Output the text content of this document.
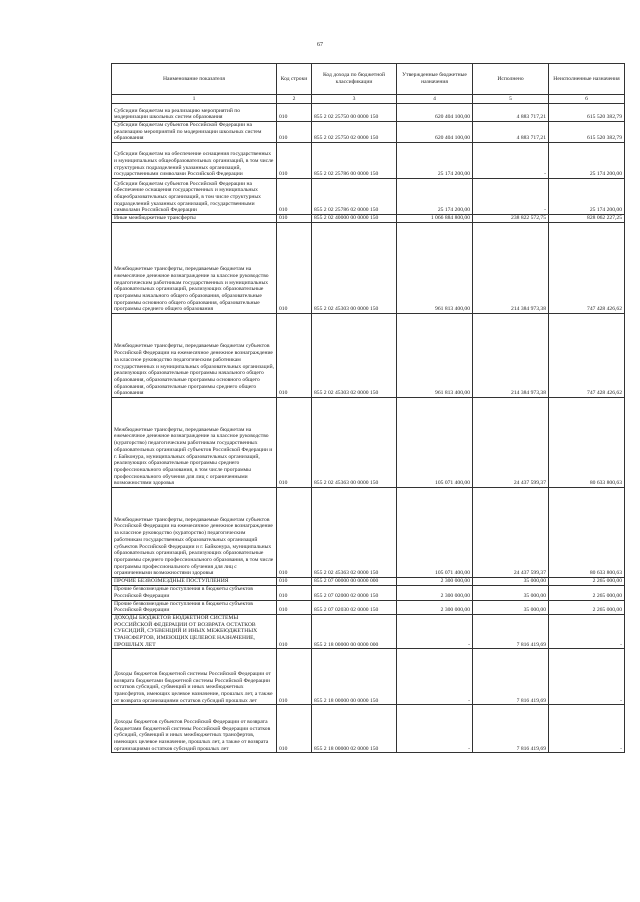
67
Наименование показателя	Код строки	Код дохода по бюджетной классификации	Утвержденные бюджетные назначения	Исполнено	Неисполненные назначения
1	2	3	4	5	6
Субсидии бюджетам на реализацию мероприятий по модернизации школьных систем образования	010	855 2 02 25750 00 0000 150	620 404 100,00	4 883 717,21	615 520 382,79
Субсидии бюджетам субъектов Российской Федерации на реализацию мероприятий по модернизации школьных систем образования	010	855 2 02 25750 02 0000 150	620 404 100,00	4 883 717,21	615 520 382,79
Субсидии бюджетам на обеспечение оснащения государственных и муниципальных общеобразовательных организаций, в том числе структурных подразделений указанных организаций, государственными символами Российской Федерации	010	855 2 02 25786 00 0000 150	25 174 200,00	-	25 174 200,00
Субсидии бюджетам субъектов Российской Федерации на обеспечение оснащения государственных и муниципальных общеобразовательных организаций, в том числе структурных подразделений указанных организаций, государственными символами Российской Федерации	010	855 2 02 25786 02 0000 150	25 174 200,00	-	25 174 200,00
Иные межбюджетные трансферты	010	855 2 02 40000 00 0000 150	1 066 884 800,00	238 822 572,75	828 062 227,25
Межбюджетные трансферты, передаваемые бюджетам на ежемесячное денежное вознаграждение за классное руководство педагогическим работникам государственных и муниципальных образовательных организаций, реализующих образовательные программы начального общего образования, образовательные программы основного общего образования, образовательные программы среднего общего образования	010	855 2 02 45303 00 0000 150	961 813 400,00	214 384 973,38	747 428 426,62
Межбюджетные трансферты, передаваемые бюджетам субъектов Российской Федерации на ежемесячное денежное вознаграждение за классное руководство педагогическим работникам государственных и муниципальных образовательных организаций, реализующих образовательные программы начального общего образования, образовательные программы основного общего образования, образовательные программы среднего общего образования	010	855 2 02 45303 02 0000 150	961 813 400,00	214 384 973,38	747 428 426,62
Межбюджетные трансферты, передаваемые бюджетам на ежемесячное денежное вознаграждение за классное руководство (кураторство) педагогическим работникам государственных образовательных организаций субъектов Российской Федерации и г. Байконура, муниципальных образовательных организаций, реализующих образовательные программы среднего профессионального образования, в том числе программы профессионального обучения для лиц с ограниченными возможностями здоровья	010	855 2 02 45363 00 0000 150	105 071 400,00	24 437 599,37	80 633 800,63
Межбюджетные трансферты, передаваемые бюджетам субъектов Российской Федерации на ежемесячное денежное вознаграждение за классное руководство (кураторство) педагогическим работникам государственных образовательных организаций субъектов Российской Федерации и г. Байконура, муниципальных образовательных организаций, реализующих образовательные программы среднего профессионального образования, в том числе программы профессионального обучения для лиц с ограниченными возможностями здоровья	010	855 2 02 45363 02 0000 150	105 071 400,00	24 437 599,37	80 633 800,63
ПРОЧИЕ БЕЗВОЗМЕЗДНЫЕ ПОСТУПЛЕНИЯ	010	855 2 07 00000 00 0000 000	2 300 000,00	35 000,00	2 265 000,00
Прочие безвозмездные поступления в бюджеты субъектов Российской Федерации	010	855 2 07 02000 02 0000 150	2 300 000,00	35 000,00	2 265 000,00
Прочие безвозмездные поступления в бюджеты субъектов Российской Федерации	010	855 2 07 02030 02 0000 150	2 300 000,00	35 000,00	2 265 000,00
ДОХОДЫ БЮДЖЕТОВ БЮДЖЕТНОЙ СИСТЕМЫ РОССИЙСКОЙ ФЕДЕРАЦИИ ОТ ВОЗВРАТА ОСТАТКОВ СУБСИДИЙ, СУБВЕНЦИЙ И ИНЫХ МЕЖБЮДЖЕТНЫХ ТРАНСФЕРТОВ, ИМЕЮЩИХ ЦЕЛЕВОЕ НАЗНАЧЕНИЕ, ПРОШЛЫХ ЛЕТ	010	855 2 18 00000 00 0000 000	-	7 816 419,69	-
Доходы бюджетов бюджетной системы Российской Федерации от возврата бюджетами бюджетной системы Российской Федерации остатков субсидий, субвенций и иных межбюджетных трансфертов, имеющих целевое назначение, прошлых лет, а также от возврата организациями остатков субсидий прошлых лет	010	855 2 18 00000 00 0000 150	-	7 816 419,69	-
Доходы бюджетов субъектов Российской Федерации от возврата бюджетами бюджетной системы Российской Федерации остатков субсидий, субвенций и иных межбюджетных трансфертов, имеющих целевое назначение, прошлых лет, а также от возврата организациями остатков субсидий прошлых лет	010	855 2 18 00000 02 0000 150	-	7 816 419,69	-
